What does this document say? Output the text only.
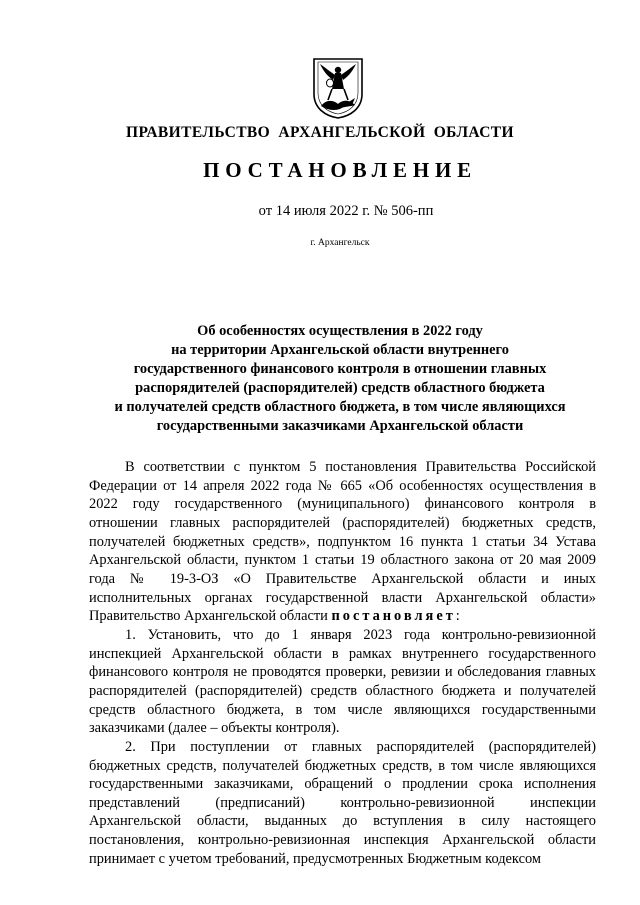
ПРАВИТЕЛЬСТВО АРХАНГЕЛЬСКОЙ ОБЛАСТИ
ПОСТАНОВЛЕНИЕ
от 14 июля 2022 г. № 506-пп
г. Архангельск
Об особенностях осуществления в 2022 году
на территории Архангельской области внутреннего
государственного финансового контроля в отношении главных
распорядителей (распорядителей) средств областного бюджета
и получателей средств областного бюджета, в том числе являющихся
государственными заказчиками Архангельской области

В соответствии с пунктом 5 постановления Правительства Российской Федерации от 14 апреля 2022 года № 665 «Об особенностях осуществления в 2022 году государственного (муниципального) финансового контроля в отношении главных распорядителей (распорядителей) бюджетных средств, получателей бюджетных средств», подпунктом 16 пункта 1 статьи 34 Устава Архангельской области, пунктом 1 статьи 19 областного закона от 20 мая 2009 года № 19-3-ОЗ «О Правительстве Архангельской области и иных исполнительных органах государственной власти Архангельской области» Правительство Архангельской области постановляет:

1. Установить, что до 1 января 2023 года контрольно-ревизионной инспекцией Архангельской области в рамках внутреннего государственного финансового контроля не проводятся проверки, ревизии и обследования главных распорядителей (распорядителей) средств областного бюджета и получателей средств областного бюджета, в том числе являющихся государственными заказчиками (далее – объекты контроля).

2. При поступлении от главных распорядителей (распорядителей) бюджетных средств, получателей бюджетных средств, в том числе являющихся государственными заказчиками, обращений о продлении срока исполнения представлений (предписаний) контрольно-ревизионной инспекции Архангельской области, выданных до вступления в силу настоящего постановления, контрольно-ревизионная инспекция Архангельской области принимает с учетом требований, предусмотренных Бюджетным кодексом
